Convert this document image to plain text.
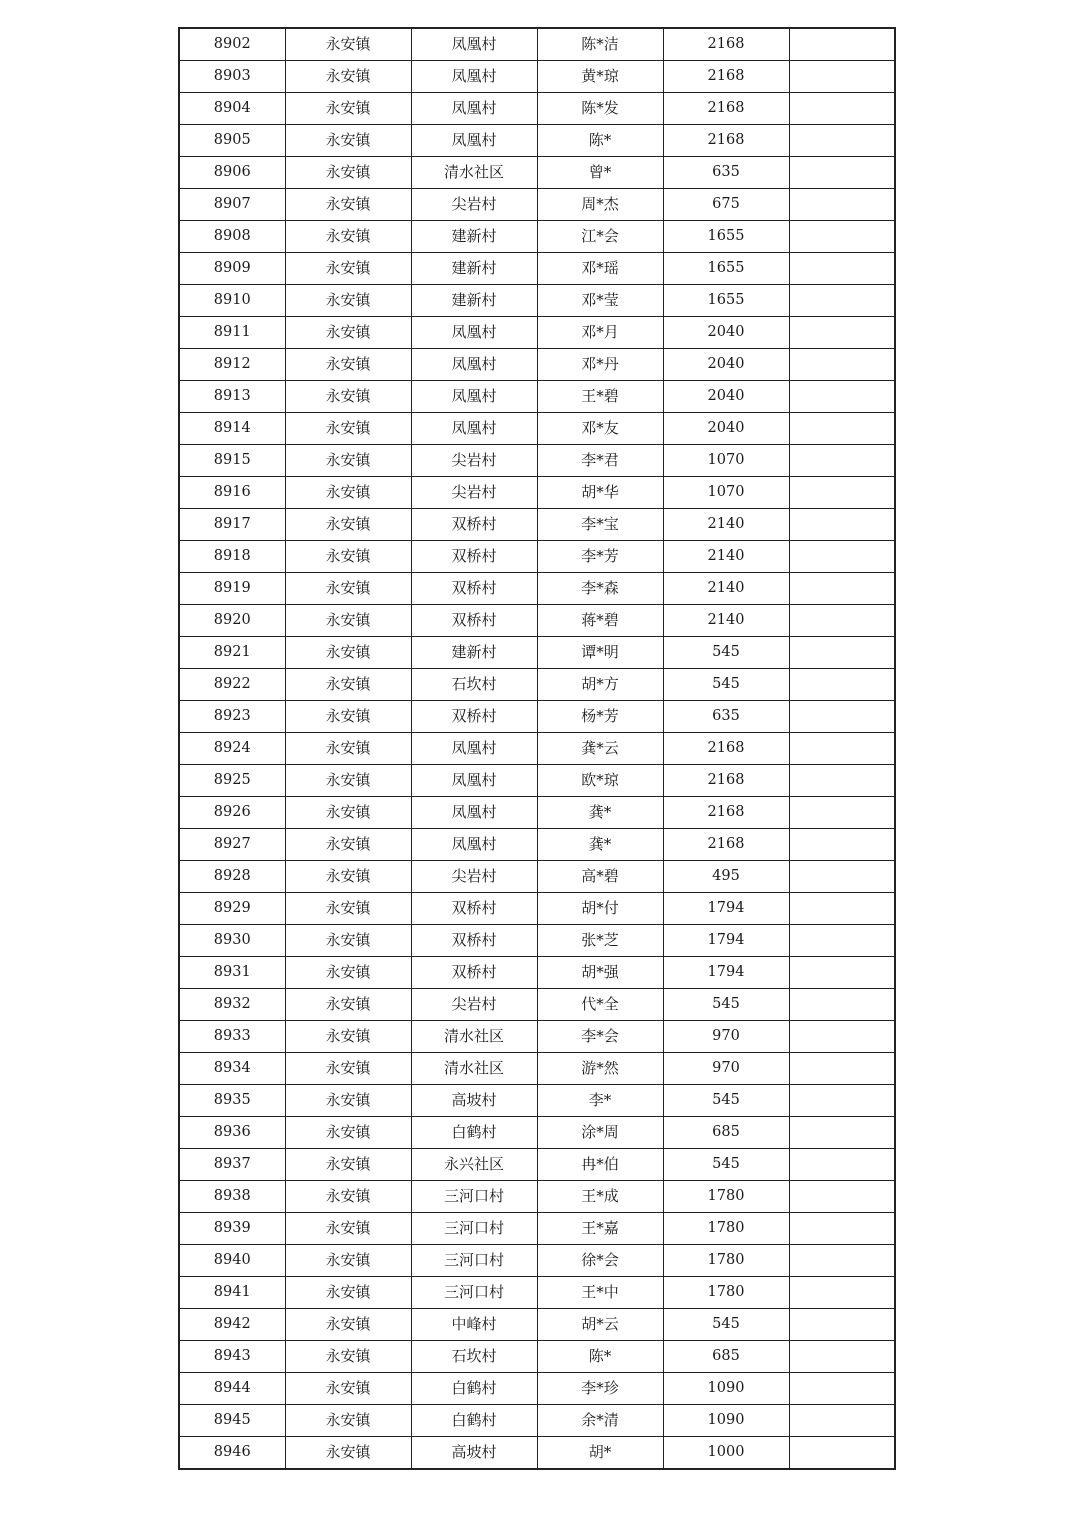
8902	永安镇	凤凰村	陈*洁	2168	
8903	永安镇	凤凰村	黄*琼	2168	
8904	永安镇	凤凰村	陈*发	2168	
8905	永安镇	凤凰村	陈*	2168	
8906	永安镇	清水社区	曾*	635	
8907	永安镇	尖岩村	周*杰	675	
8908	永安镇	建新村	江*会	1655	
8909	永安镇	建新村	邓*瑶	1655	
8910	永安镇	建新村	邓*莹	1655	
8911	永安镇	凤凰村	邓*月	2040	
8912	永安镇	凤凰村	邓*丹	2040	
8913	永安镇	凤凰村	王*碧	2040	
8914	永安镇	凤凰村	邓*友	2040	
8915	永安镇	尖岩村	李*君	1070	
8916	永安镇	尖岩村	胡*华	1070	
8917	永安镇	双桥村	李*宝	2140	
8918	永安镇	双桥村	李*芳	2140	
8919	永安镇	双桥村	李*森	2140	
8920	永安镇	双桥村	蒋*碧	2140	
8921	永安镇	建新村	谭*明	545	
8922	永安镇	石坎村	胡*方	545	
8923	永安镇	双桥村	杨*芳	635	
8924	永安镇	凤凰村	龚*云	2168	
8925	永安镇	凤凰村	欧*琼	2168	
8926	永安镇	凤凰村	龚*	2168	
8927	永安镇	凤凰村	龚*	2168	
8928	永安镇	尖岩村	高*碧	495	
8929	永安镇	双桥村	胡*付	1794	
8930	永安镇	双桥村	张*芝	1794	
8931	永安镇	双桥村	胡*强	1794	
8932	永安镇	尖岩村	代*全	545	
8933	永安镇	清水社区	李*会	970	
8934	永安镇	清水社区	游*然	970	
8935	永安镇	高坡村	李*	545	
8936	永安镇	白鹤村	涂*周	685	
8937	永安镇	永兴社区	冉*伯	545	
8938	永安镇	三河口村	王*成	1780	
8939	永安镇	三河口村	王*嘉	1780	
8940	永安镇	三河口村	徐*会	1780	
8941	永安镇	三河口村	王*中	1780	
8942	永安镇	中峰村	胡*云	545	
8943	永安镇	石坎村	陈*	685	
8944	永安镇	白鹤村	李*珍	1090	
8945	永安镇	白鹤村	余*清	1090	
8946	永安镇	高坡村	胡*	1000	
